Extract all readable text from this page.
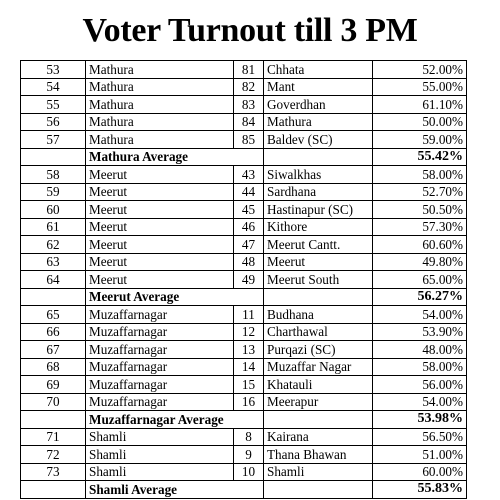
Voter Turnout till 3 PM
53	Mathura	81	Chhata	52.00%
54	Mathura	82	Mant	55.00%
55	Mathura	83	Goverdhan	61.10%
56	Mathura	84	Mathura	50.00%
57	Mathura	85	Baldev (SC)	59.00%
	Mathura Average			55.42%
58	Meerut	43	Siwalkhas	58.00%
59	Meerut	44	Sardhana	52.70%
60	Meerut	45	Hastinapur (SC)	50.50%
61	Meerut	46	Kithore	57.30%
62	Meerut	47	Meerut Cantt.	60.60%
63	Meerut	48	Meerut	49.80%
64	Meerut	49	Meerut South	65.00%
	Meerut Average			56.27%
65	Muzaffarnagar	11	Budhana	54.00%
66	Muzaffarnagar	12	Charthawal	53.90%
67	Muzaffarnagar	13	Purqazi (SC)	48.00%
68	Muzaffarnagar	14	Muzaffar Nagar	58.00%
69	Muzaffarnagar	15	Khatauli	56.00%
70	Muzaffarnagar	16	Meerapur	54.00%
	Muzaffarnagar Average			53.98%
71	Shamli	8	Kairana	56.50%
72	Shamli	9	Thana Bhawan	51.00%
73	Shamli	10	Shamli	60.00%
	Shamli Average			55.83%
